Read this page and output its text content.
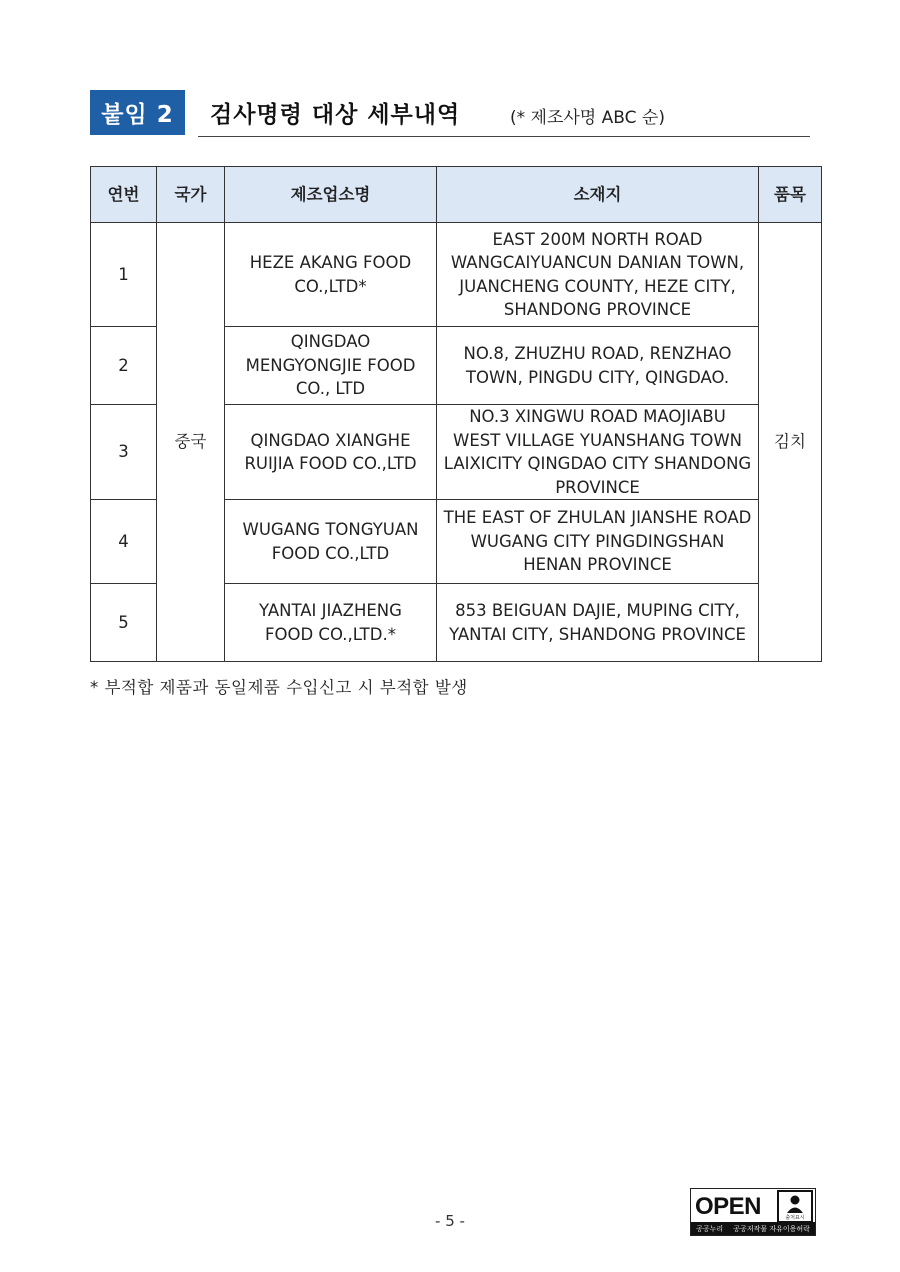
붙임 2	검사명령 대상 세부내역	(* 제조사명 ABC 순)
연번	국가	제조업소명	소재지	품목
1	중국	HEZE AKANG FOOD CO.,LTD*	EAST 200M NORTH ROAD WANGCAIYUANCUN DANIAN TOWN, JUANCHENG COUNTY, HEZE CITY, SHANDONG PROVINCE	김치
2		QINGDAO MENGYONGJIE FOOD CO., LTD	NO.8, ZHUZHU ROAD, RENZHAO TOWN, PINGDU CITY, QINGDAO.	
3		QINGDAO XIANGHE RUIJIA FOOD CO.,LTD	NO.3 XINGWU ROAD MAOJIABU WEST VILLAGE YUANSHANG TOWN LAIXICITY QINGDAO CITY SHANDONG PROVINCE	
4		WUGANG TONGYUAN FOOD CO.,LTD	THE EAST OF ZHULAN JIANSHE ROAD WUGANG CITY PINGDINGSHAN HENAN PROVINCE	
5		YANTAI JIAZHENG FOOD CO.,LTD.*	853 BEIGUAN DAJIE, MUPING CITY, YANTAI CITY, SHANDONG PROVINCE	
* 부적합 제품과 동일제품 수입신고 시 부적합 발생
- 5 -
OPEN	출처표시
공공누리 공공저작물 자유이용허락
